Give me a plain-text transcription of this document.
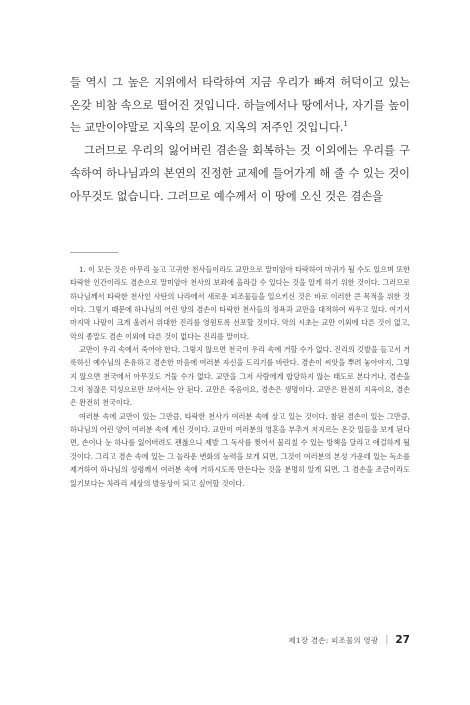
들 역시 그 높은 지위에서 타락하여 지금 우리가 빠져 허덕이고 있는 온갖 비참 속으로 떨어진 것입니다. 하늘에서나 땅에서나, 자기를 높이는 교만이야말로 지옥의 문이요 지옥의 저주인 것입니다.$^1$

그러므로 우리의 잃어버린 겸손을 회복하는 것 이외에는 우리를 구속하여 하나님과의 본연의 진정한 교제에 들어가게 해 줄 수 있는 것이 아무것도 없습니다. 그러므로 예수께서 이 땅에 오신 것은 겸손을

1. 이 모든 것은 아무리 높고 고귀한 천사들이라도 교만으로 말미암아 타락하여 마귀가 될 수도 있으며 또한 타락한 인간이라도 겸손으로 말미암아 천사의 보좌에 올라갈 수 있다는 것을 알게 하기 위한 것이다. 그러므로 하나님께서 타락한 천사인 사탄의 나라에서 새로운 피조물들을 일으키신 것은 바로 이러한 큰 목적을 위한 것이다. 그렇기 때문에 하나님의 어린 양의 겸손이 타락한 천사들의 정욕과 교만을 대적하여 싸우고 있다. 여기서 마지막 나팔이 크게 울려서 위대한 진리를 영원토록 선포할 것이다. 악의 시초는 교만 이외에 다른 것이 없고, 악의 종말도 겸손 이외에 다른 것이 없다는 진리를 말이다.

교만이 우리 속에서 죽어야 한다. 그렇지 않으면 천국이 우리 속에 거할 수가 없다. 진리의 깃발을 들고서 거룩하신 예수님의 온유하고 겸손한 마음에 여러분 자신을 드리기를 바란다. 겸손이 씨앗을 뿌려 놓아야지, 그렇지 않으면 천국에서 아무것도 거둘 수가 없다. 교만을 그저 사람에게 합당하지 않는 태도로 본다거나, 겸손을 그저 점잖은 덕성으로만 보아서는 안 된다. 교만은 죽음이요, 겸손은 생명이다. 교만은 완전히 지옥이요, 겸손은 완전히 천국이다.

여러분 속에 교만이 있는 그만큼, 타락한 천사가 여러분 속에 살고 있는 것이다. 참된 겸손이 있는 그만큼, 하나님의 어린 양이 여러분 속에 계신 것이다. 교만이 여러분의 영혼을 부추겨 저지르는 온갖 일들을 보게 된다면, 손이나 눈 하나를 잃어버려도 괜찮으니 제발 그 독사를 찢어서 물리칠 수 있는 방책을 달라고 애걸하게 될 것이다. 그리고 겸손 속에 있는 그 놀라운 변화의 능력을 보게 되면, 그것이 여러분의 본성 가운데 있는 독소를 제거하여 하나님의 성령께서 여러분 속에 거하시도록 만든다는 것을 분명히 알게 되면, 그 겸손을 조금이라도 잃기보다는 차라리 세상의 발등상이 되고 싶어할 것이다.

제1장 겸손: 피조물의 영광 | 27
